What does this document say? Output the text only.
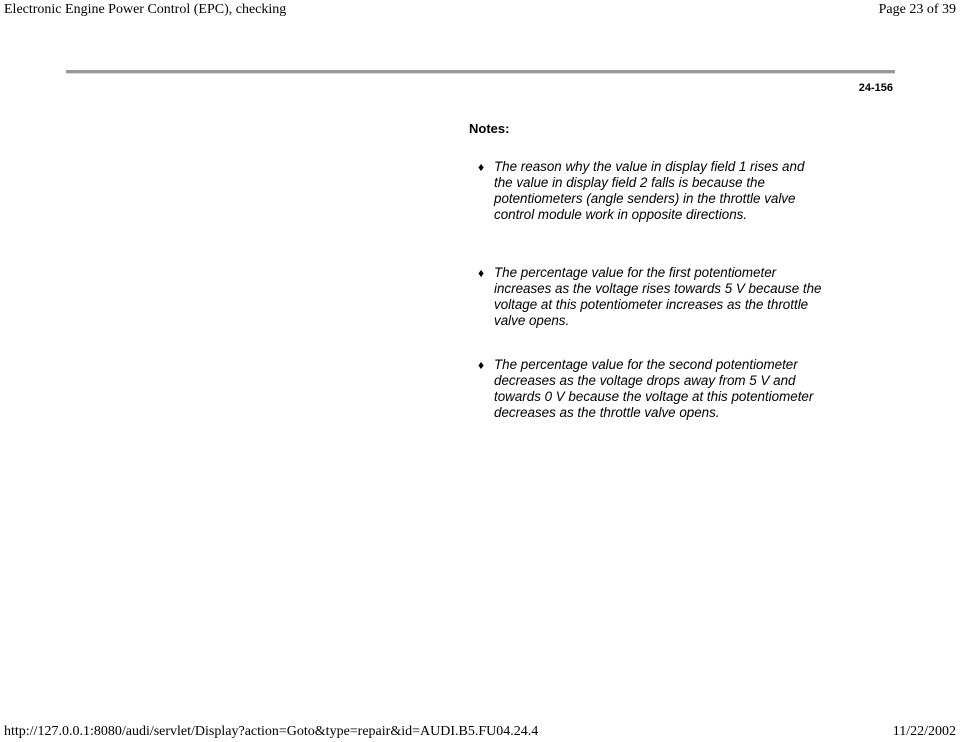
Electronic Engine Power Control (EPC), checking	Page 23 of 39
24-156
Notes:
♦ The reason why the value in display field 1 rises and the value in display field 2 falls is because the potentiometers (angle senders) in the throttle valve control module work in opposite directions.
♦ The percentage value for the first potentiometer increases as the voltage rises towards 5 V because the voltage at this potentiometer increases as the throttle valve opens.
♦ The percentage value for the second potentiometer decreases as the voltage drops away from 5 V and towards 0 V because the voltage at this potentiometer decreases as the throttle valve opens.
http://127.0.0.1:8080/audi/servlet/Display?action=Goto&type=repair&id=AUDI.B5.FU04.24.4	11/22/2002
